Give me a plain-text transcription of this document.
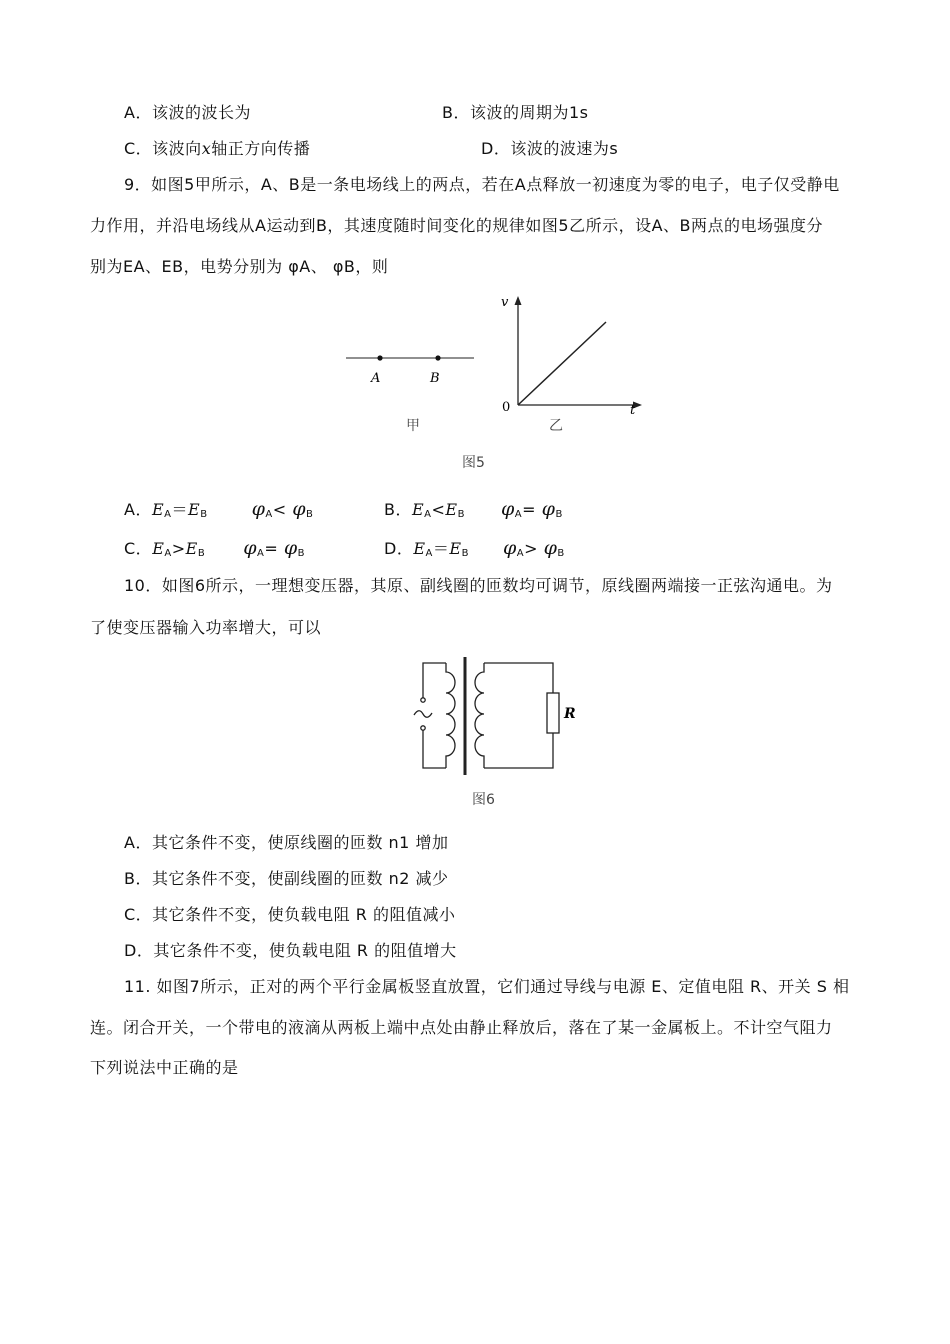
A．该波的波长为	B．该波的周期为1s
C．该波向x轴正方向传播	D．该波的波速为s
9．如图5甲所示，A、B是一条电场线上的两点，若在A点释放一初速度为零的电子，电子仅受静电
力作用，并沿电场线从A运动到B，其速度随时间变化的规律如图5乙所示，设A、B两点的电场强度分
别为EA、EB，电势分别为 φA、 φB，则
A	B
甲
v
t
0
乙
图5
A．$E_A=E_B$ $\varphi_A< \varphi_B$	B．$E_A<E_B$ $\varphi_A= \varphi_B$
C．$E_A>E_B$ $\varphi_A= \varphi_B$	D．$E_A=E_B$ $\varphi_A> \varphi_B$
10．如图6所示，一理想变压器，其原、副线圈的匝数均可调节，原线圈两端接一正弦沟通电。为
了使变压器输入功率增大，可以
R
图6
A．其它条件不变，使原线圈的匝数 n1 增加
B．其它条件不变，使副线圈的匝数 n2 减少
C．其它条件不变，使负载电阻 R 的阻值减小
D．其它条件不变，使负载电阻 R 的阻值增大
11. 如图7所示，正对的两个平行金属板竖直放置，它们通过导线与电源 E、定值电阻 R、开关 S 相
连。闭合开关，一个带电的液滴从两板上端中点处由静止释放后，落在了某一金属板上。不计空气阻力
下列说法中正确的是
